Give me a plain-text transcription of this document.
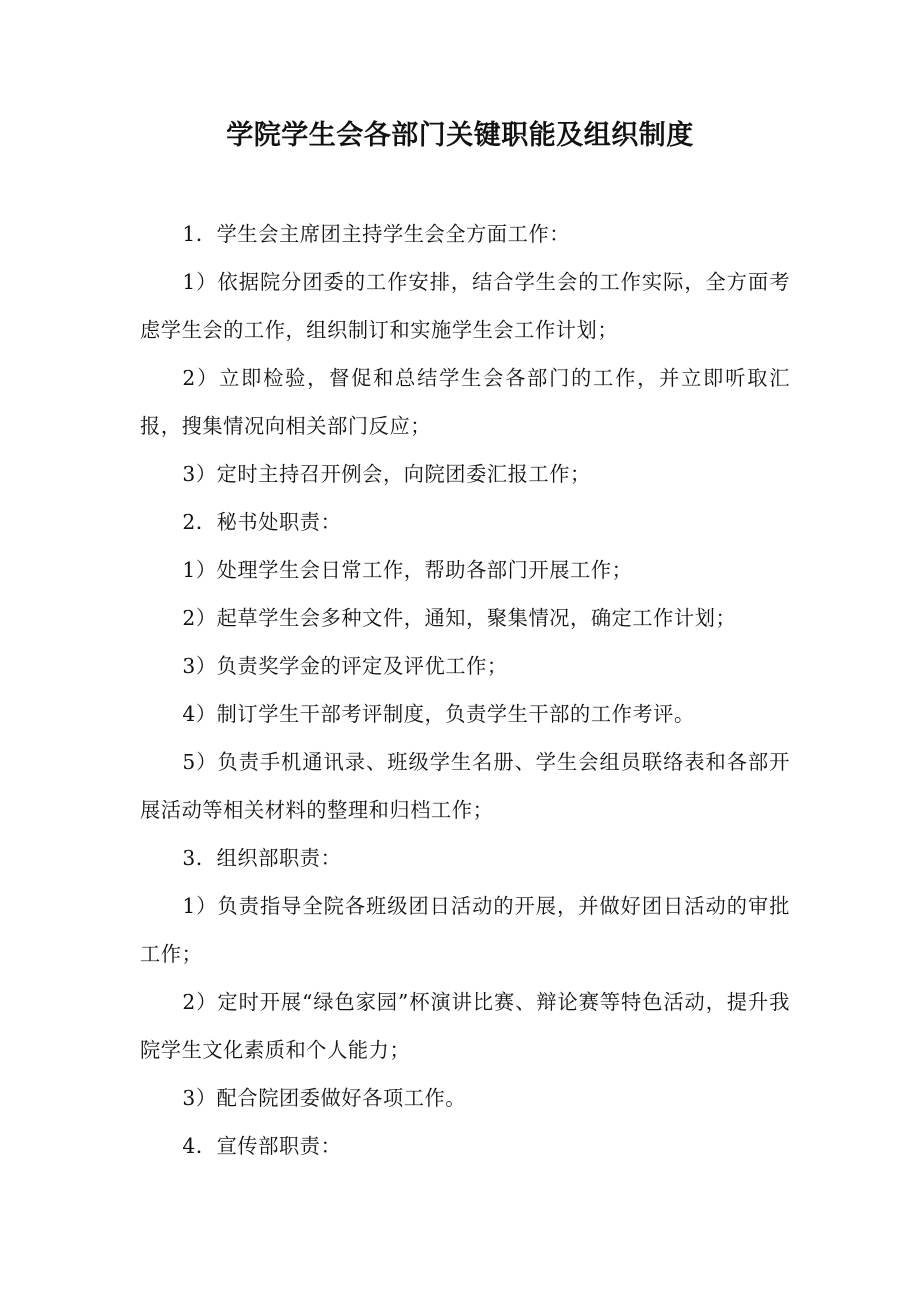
学院学生会各部门关键职能及组织制度

1．学生会主席团主持学生会全方面工作：

1）依据院分团委的工作安排，结合学生会的工作实际，全方面考虑学生会的工作，组织制订和实施学生会工作计划；

2）立即检验，督促和总结学生会各部门的工作，并立即听取汇报，搜集情况向相关部门反应；

3）定时主持召开例会，向院团委汇报工作；

2．秘书处职责：

1）处理学生会日常工作，帮助各部门开展工作；

2）起草学生会多种文件，通知，聚集情况，确定工作计划；

3）负责奖学金的评定及评优工作；

4）制订学生干部考评制度，负责学生干部的工作考评。

5）负责手机通讯录、班级学生名册、学生会组员联络表和各部开展活动等相关材料的整理和归档工作；

3．组织部职责：

1）负责指导全院各班级团日活动的开展，并做好团日活动的审批工作；

2）定时开展“绿色家园”杯演讲比赛、辩论赛等特色活动，提升我院学生文化素质和个人能力；

3）配合院团委做好各项工作。

4．宣传部职责：
